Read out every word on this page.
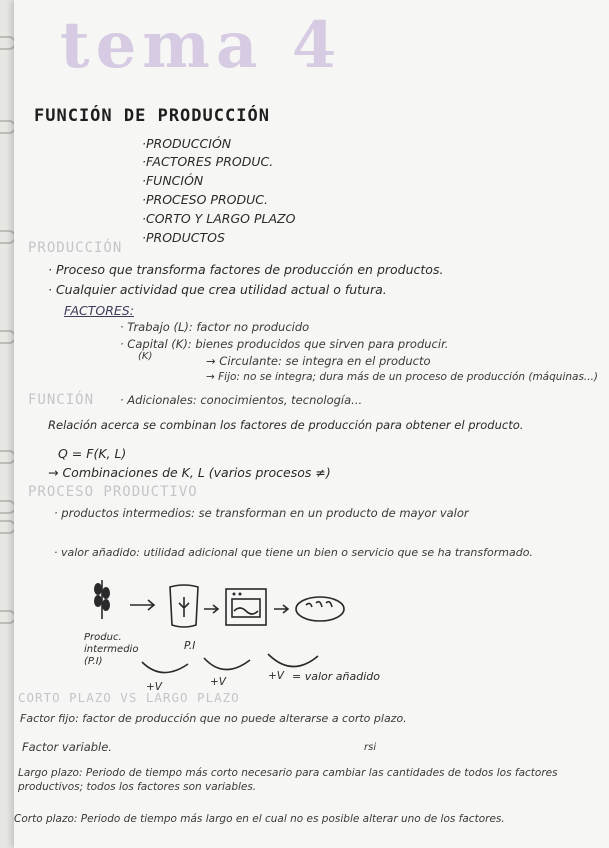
tema 4
FUNCIÓN DE PRODUCCIÓN
·PRODUCCIÓN
·FACTORES PRODUC.
·FUNCIÓN
·PROCESO PRODUC.
·CORTO Y LARGO PLAZO
·PRODUCTOS
PRODUCCIÓN
· Proceso que transforma factores de producción en productos.
· Cualquier actividad que crea utilidad actual o futura.
FACTORES:
· Trabajo (L): factor no producido
· Capital (K): bienes producidos que sirven para producir.
(K)	→ Circulante: se integra en el producto
→ Fijo: no se integra; dura más de un proceso de producción (máquinas...)
· Adicionales: conocimientos, tecnología...
FUNCIÓN
Relación acerca se combinan los factores de producción para obtener el producto.
Q = F(K, L)
→ Combinaciones de K, L (varios procesos ≠)
PROCESO PRODUCTIVO
· productos intermedios: se transforman en un producto de mayor valor
· valor añadido: utilidad adicional que tiene un bien o servicio que se ha transformado.
Produc. intermedio (P.I)
P.I
+V	+V	+V = valor añadido
CORTO PLAZO VS LARGO PLAZO
Factor fijo: factor de producción que no puede alterarse a corto plazo.
Factor variable.	rsi
Largo plazo: Periodo de tiempo más corto necesario para cambiar las cantidades de todos los factores productivos; todos los factores son variables.
Corto plazo: Periodo de tiempo más largo en el cual no es posible alterar uno de los factores.
